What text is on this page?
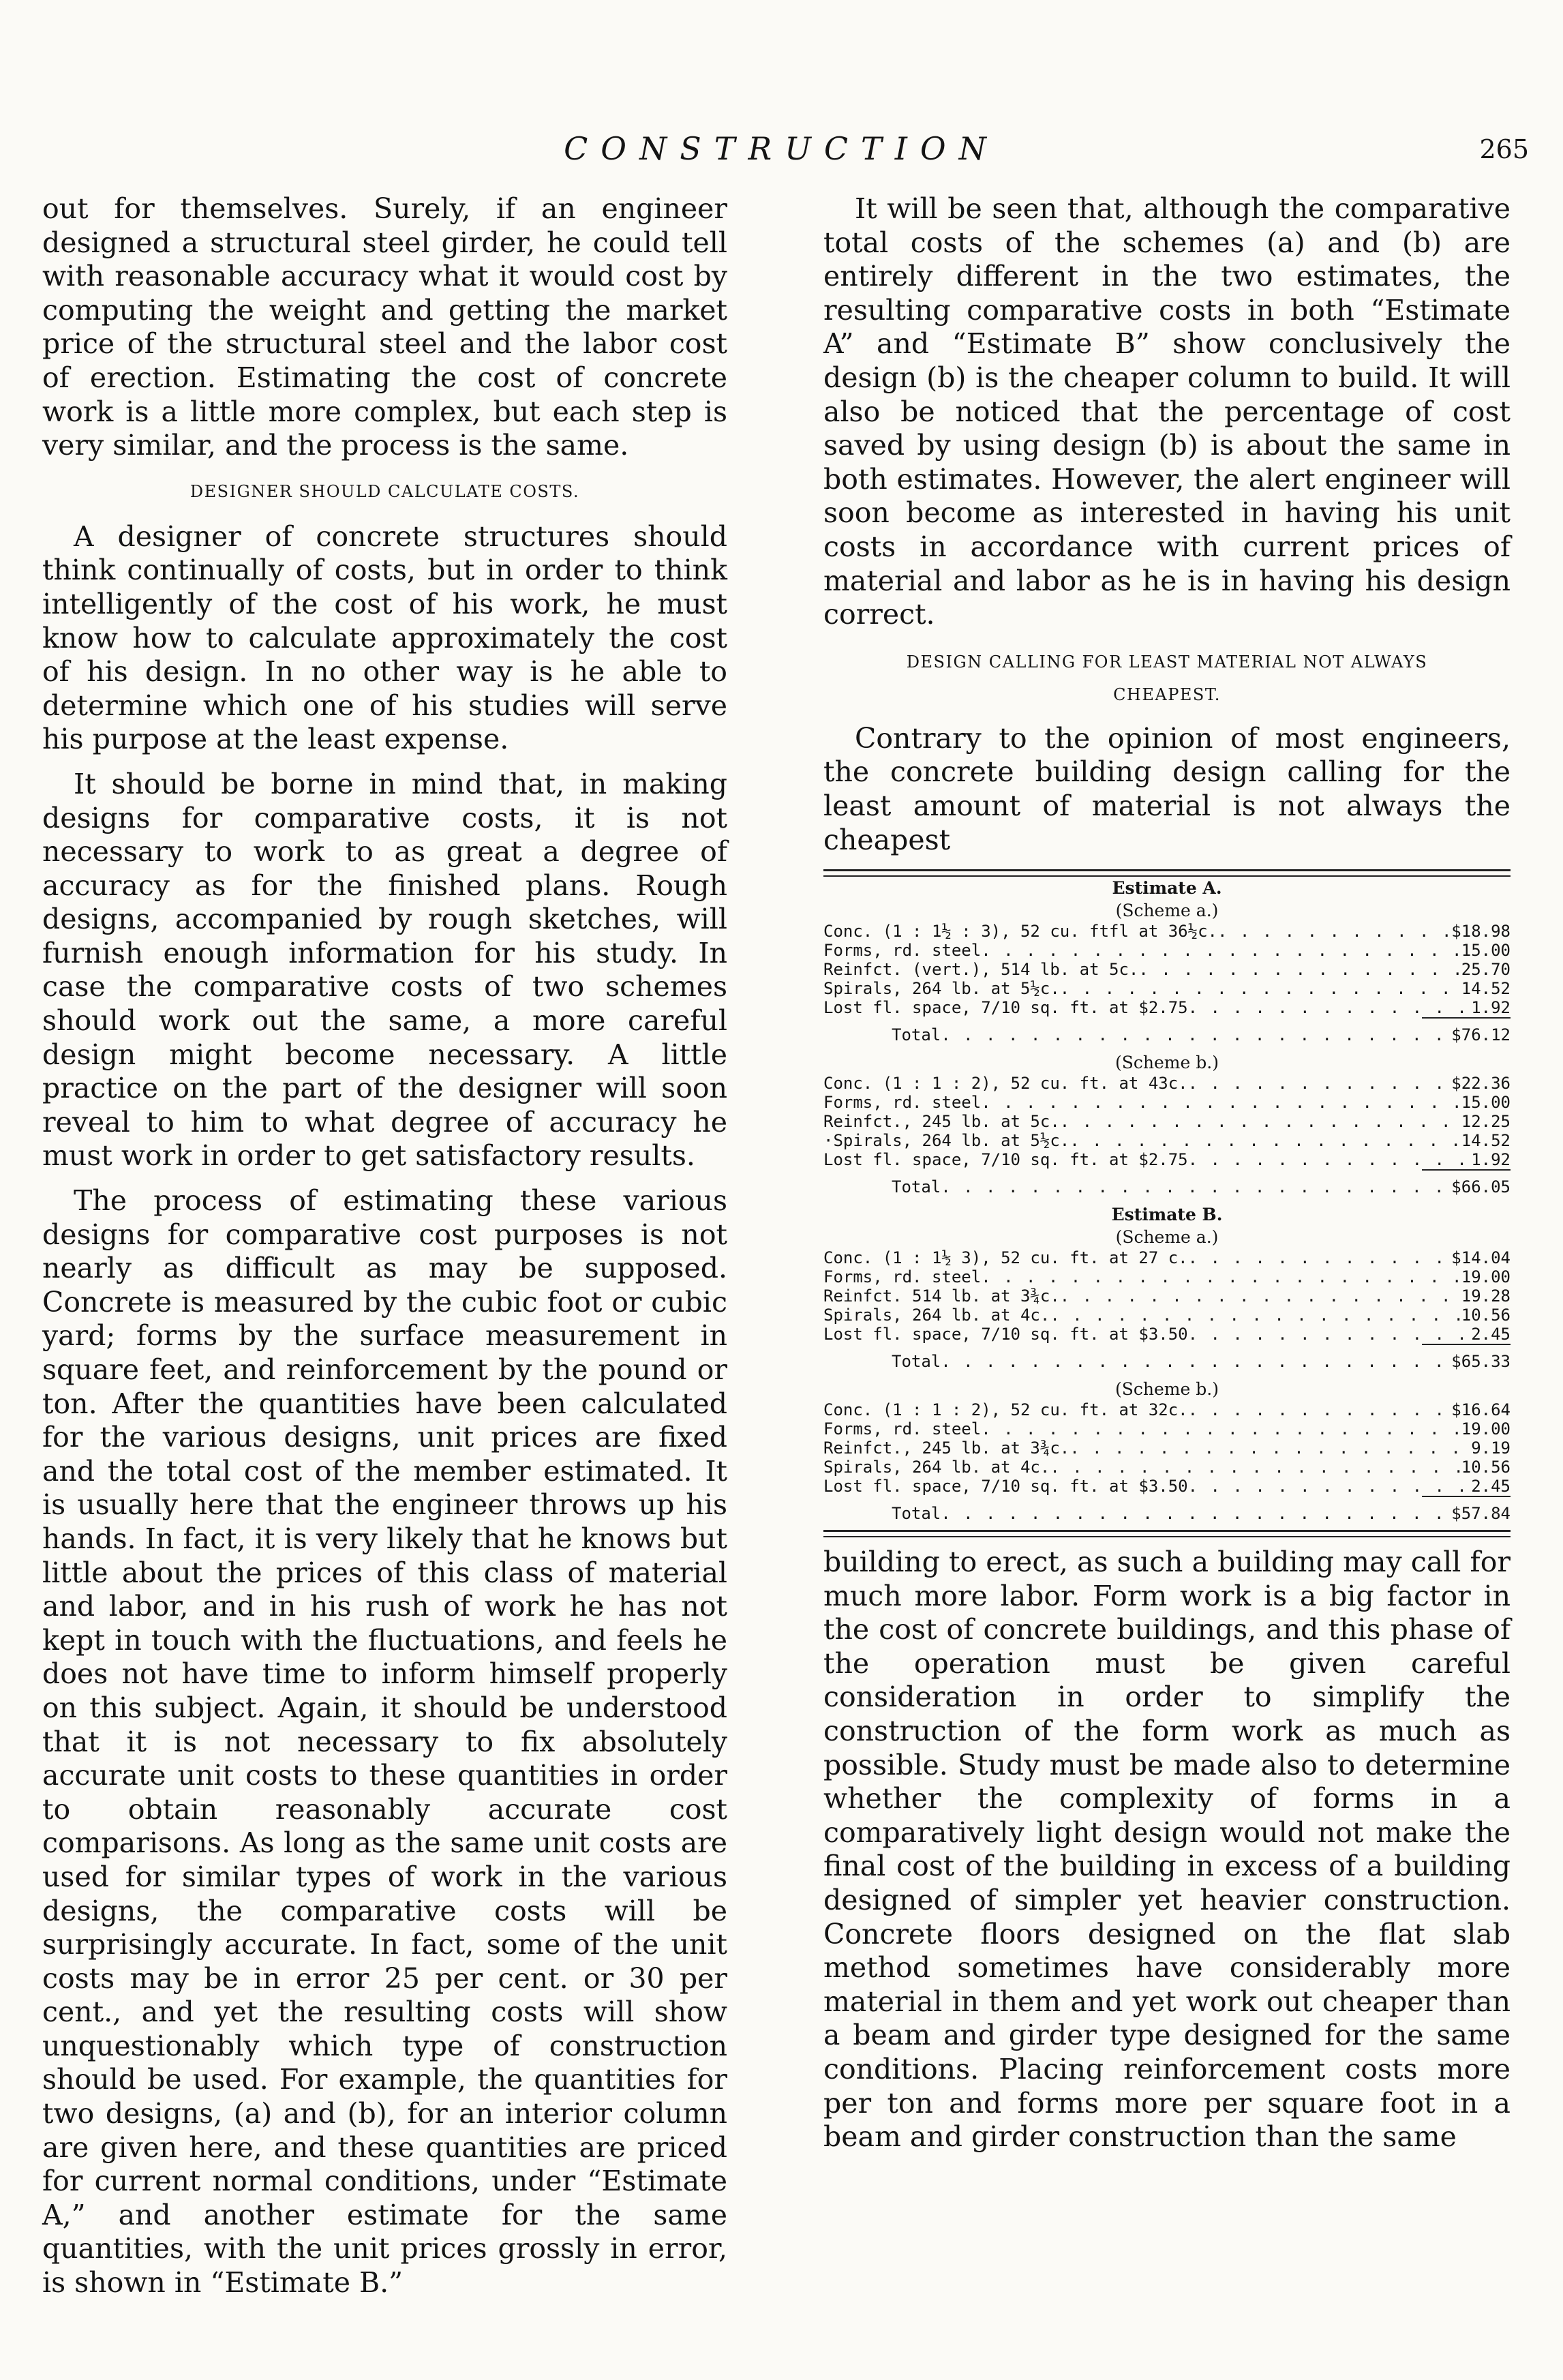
CONSTRUCTION	265

out for themselves. Surely, if an engineer designed a structural steel girder, he could tell with reasonable accuracy what it would cost by computing the weight and getting the market price of the structural steel and the labor cost of erection. Estimating the cost of concrete work is a little more complex, but each step is very similar, and the process is the same.

DESIGNER SHOULD CALCULATE COSTS.

A designer of concrete structures should think continually of costs, but in order to think intelligently of the cost of his work, he must know how to calculate approximately the cost of his design. In no other way is he able to determine which one of his studies will serve his purpose at the least expense.

It should be borne in mind that, in making designs for comparative costs, it is not necessary to work to as great a degree of accuracy as for the finished plans. Rough designs, accompanied by rough sketches, will furnish enough information for his study. In case the comparative costs of two schemes should work out the same, a more careful design might become necessary. A little practice on the part of the designer will soon reveal to him to what degree of accuracy he must work in order to get satisfactory results.

The process of estimating these various designs for comparative cost purposes is not nearly as difficult as may be supposed. Concrete is measured by the cubic foot or cubic yard; forms by the surface measurement in square feet, and reinforcement by the pound or ton. After the quantities have been calculated for the various designs, unit prices are fixed and the total cost of the member estimated. It is usually here that the engineer throws up his hands. In fact, it is very likely that he knows but little about the prices of this class of material and labor, and in his rush of work he has not kept in touch with the fluctuations, and feels he does not have time to inform himself properly on this subject. Again, it should be understood that it is not necessary to fix absolutely accurate unit costs to these quantities in order to obtain reasonably accurate cost comparisons. As long as the same unit costs are used for similar types of work in the various designs, the comparative costs will be surprisingly accurate. In fact, some of the unit costs may be in error 25 per cent. or 30 per cent., and yet the resulting costs will show unquestionably which type of construction should be used. For example, the quantities for two designs, (a) and (b), for an interior column are given here, and these quantities are priced for current normal conditions, under “Estimate A,” and another estimate for the same quantities, with the unit prices grossly in error, is shown in “Estimate B.”

It will be seen that, although the comparative total costs of the schemes (a) and (b) are entirely different in the two estimates, the resulting comparative costs in both “Estimate A” and “Estimate B” show conclusively the design (b) is the cheaper column to build. It will also be noticed that the percentage of cost saved by using design (b) is about the same in both estimates. However, the alert engineer will soon become as interested in having his unit costs in accordance with current prices of material and labor as he is in having his design correct.

DESIGN CALLING FOR LEAST MATERIAL NOT ALWAYS
CHEAPEST.

Contrary to the opinion of most engineers, the concrete building design calling for the least amount of material is not always the cheapest

Estimate A.
(Scheme a.)
Conc. (1 : 1½ : 3), 52 cu. ftfl at 36½c. . . .	$18.98
Forms, rd. steel . . .	15.00
Reinfct. (vert.), 514 lb. at 5c. . . .	25.70
Spirals, 264 lb. at 5½c. . . .	14.52
Lost fl. space, 7/10 sq. ft. at $2.75 . . .	1.92
Total . . .	$76.12
(Scheme b.)
Conc. (1 : 1 : 2), 52 cu. ft. at 43c. . . .	$22.36
Forms, rd. steel . . .	15.00
Reinfct., 245 lb. at 5c. . . .	12.25
·Spirals, 264 lb. at 5½c. . . .	14.52
Lost fl. space, 7/10 sq. ft. at $2.75 . . .	1.92
Total . . .	$66.05
Estimate B.
(Scheme a.)
Conc. (1 : 1½ 3), 52 cu. ft. at 27 c. . . .	$14.04
Forms, rd. steel . . .	19.00
Reinfct. 514 lb. at 3¾c. . . .	19.28
Spirals, 264 lb. at 4c. . . .	10.56
Lost fl. space, 7/10 sq. ft. at $3.50 . . .	2.45
Total . . .	$65.33
(Scheme b.)
Conc. (1 : 1 : 2), 52 cu. ft. at 32c. . . .	$16.64
Forms, rd. steel . . .	19.00
Reinfct., 245 lb. at 3¾c. . . .	9.19
Spirals, 264 lb. at 4c. . . .	10.56
Lost fl. space, 7/10 sq. ft. at $3.50 . . .	2.45
Total . . .	$57.84

building to erect, as such a building may call for much more labor. Form work is a big factor in the cost of concrete buildings, and this phase of the operation must be given careful consideration in order to simplify the construction of the form work as much as possible. Study must be made also to determine whether the complexity of forms in a comparatively light design would not make the final cost of the building in excess of a building designed of simpler yet heavier construction. Concrete floors designed on the flat slab method sometimes have considerably more material in them and yet work out cheaper than a beam and girder type designed for the same conditions. Placing reinforcement costs more per ton and forms more per square foot in a beam and girder construction than the same
